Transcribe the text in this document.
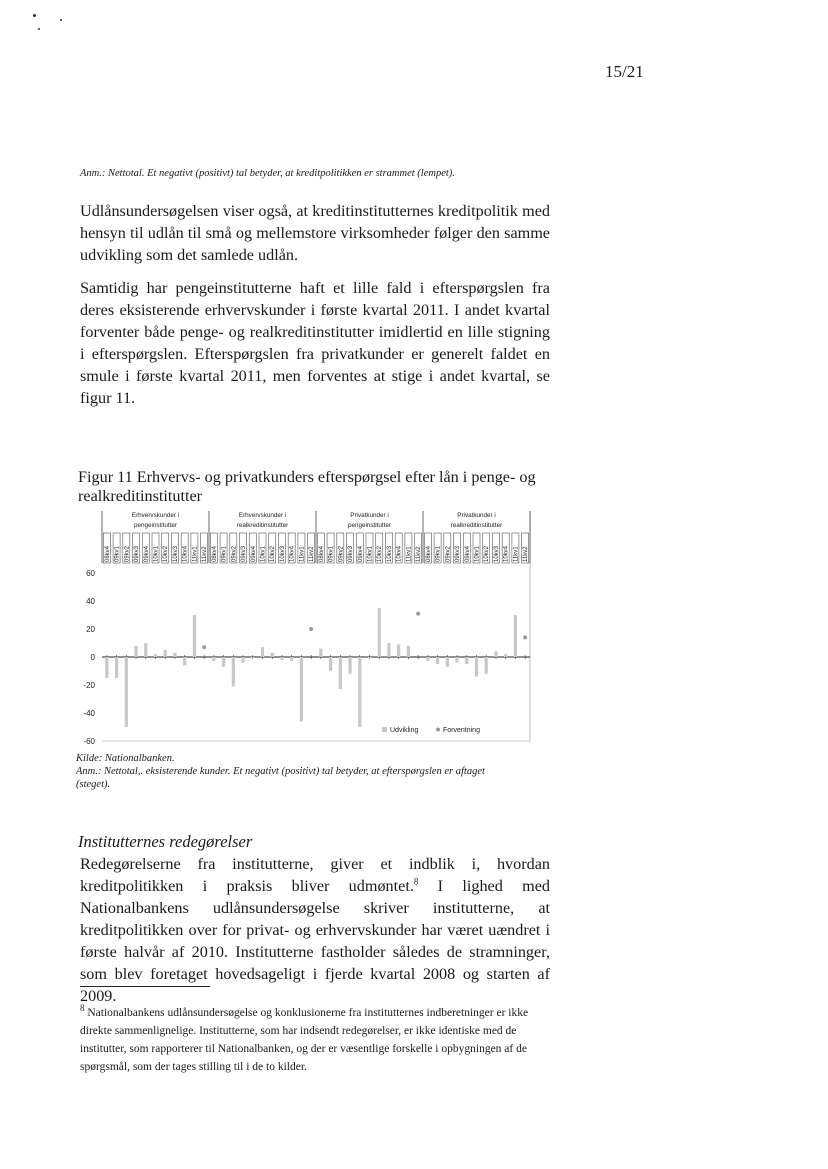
15/21
Anm.: Nettotal. Et negativt (positivt) tal betyder, at kreditpolitikken er strammet (lempet).
Udlånsundersøgelsen viser også, at kreditinstitutternes kreditpolitik med hensyn til udlån til små og mellemstore virksomheder følger den samme udvikling som det samlede udlån.
Samtidig har pengeinstitutterne haft et lille fald i efterspørgslen fra deres eksisterende erhvervskunder i første kvartal 2011. I andet kvartal forventer både penge- og realkreditinstitutter imidlertid en lille stigning i efterspørgslen. Efterspørgslen fra privatkunder er generelt faldet en smule i første kvartal 2011, men forventes at stige i andet kvartal, se figur 11.
Figur 11 Erhvervs- og privatkunders efterspørgsel efter lån i penge- og realkreditinstitutter
60
40
20
0
-20
-40
-60
Erhvervskunder i
pengeinstitutter
08kv4 09kv1 09kv2 09kv3 09kv4 10kv1 10kv2 10kv3 10kv4 11kv1 11kv2
Erhvervskunder i
realkreditinstitutter
08kv4 09kv1 09kv2 09kv3 09kv4 10kv1 10kv2 10kv3 10kv4 11kv1 11kv2
Privatkunder i
pengeinstitutter
08kv4 09kv1 09kv2 09kv3 09kv4 10kv1 10kv2 10kv3 10kv4 11kv1 11kv2
Privatkunder i
realkreditinstitutter
08kv4 09kv1 09kv2 09kv3 09kv4 10kv1 10kv2 10kv3 10kv4 11kv1 11kv2
Udvikling	Forventning
Kilde: Nationalbanken.
Anm.: Nettotal,. eksisterende kunder. Et negativt (positivt) tal betyder, at efterspørgslen er aftaget (steget).
Institutternes redegørelser
Redegørelserne fra institutterne, giver et indblik i, hvordan kreditpolitikken i praksis bliver udmøntet.$^8$ I lighed med Nationalbankens udlånsundersøgelse skriver institutterne, at kreditpolitikken over for privat- og erhvervskunder har været uændret i første halvår af 2010. Institutterne fastholder således de stramninger, som blev foretaget hovedsageligt i fjerde kvartal 2008 og starten af 2009.
$^8$ Nationalbankens udlånsundersøgelse og konklusionerne fra institutternes indberetninger er ikke direkte sammenlignelige. Institutterne, som har indsendt redegørelser, er ikke identiske med de institutter, som rapporterer til Nationalbanken, og der er væsentlige forskelle i opbygningen af de spørgsmål, som der tages stilling til i de to kilder.
